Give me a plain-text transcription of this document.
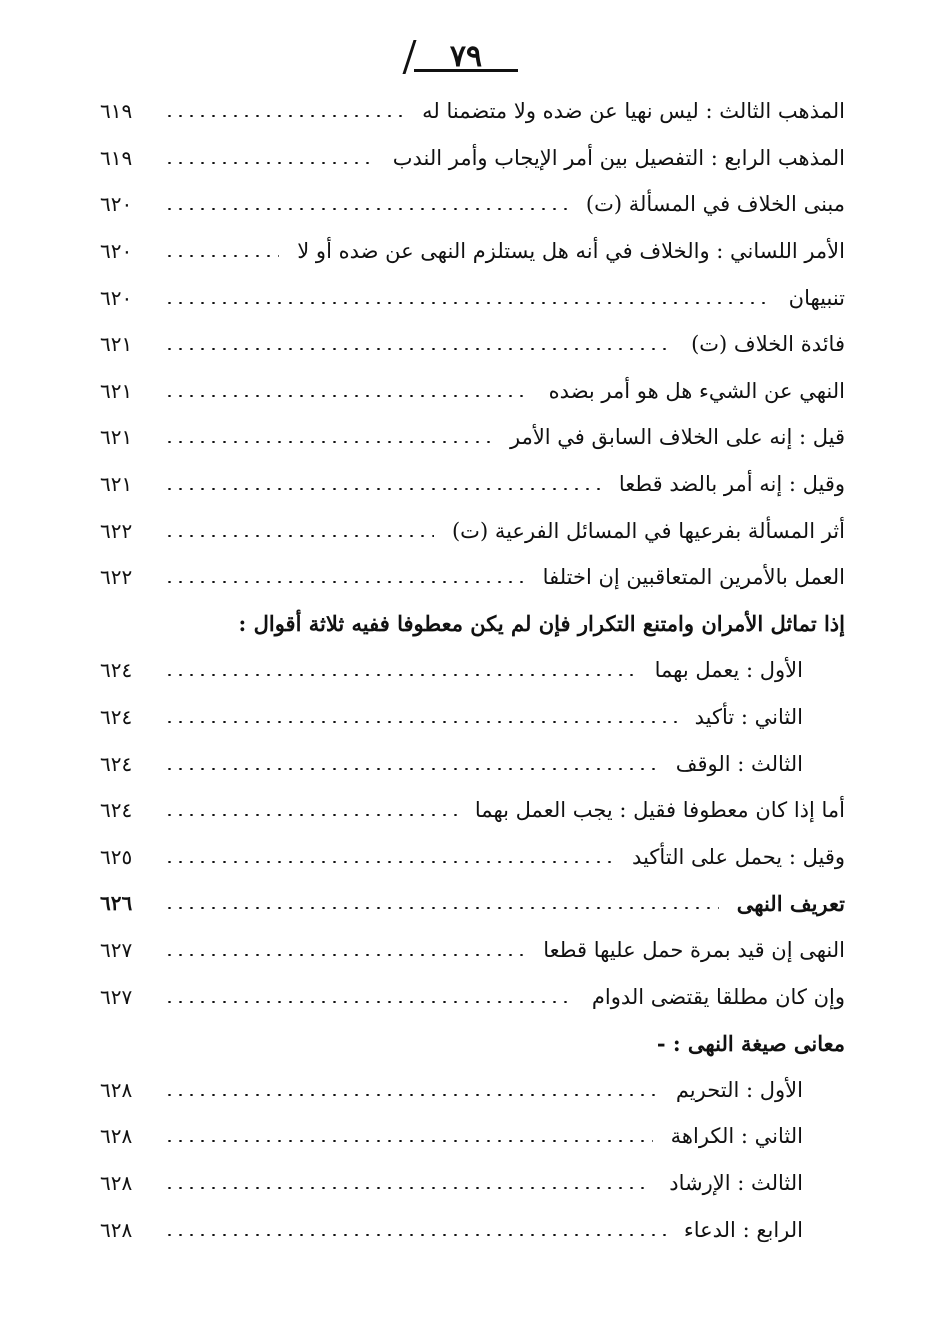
٧٩
المذهب الثالث : ليس نهيا عن ضده ولا متضمنا له
٦١٩
المذهب الرابع : التفصيل بين أمر الإيجاب وأمر الندب
٦١٩
مبنى الخلاف في المسألة (ت)
٦٢٠
الأمر اللساني : والخلاف في أنه هل يستلزم النهى عن ضده أو لا
٦٢٠
تنبيهان
٦٢٠
فائدة الخلاف (ت)
٦٢١
النهي عن الشيء هل هو أمر بضده
٦٢١
قيل : إنه على الخلاف السابق في الأمر
٦٢١
وقيل : إنه أمر بالضد قطعا
٦٢١
أثر المسألة بفرعيها في المسائل الفرعية (ت)
٦٢٢
العمل بالأمرين المتعاقبين إن اختلفا
٦٢٢
إذا تماثل الأمران وامتنع التكرار فإن لم يكن معطوفا ففيه ثلاثة أقوال :
الأول : يعمل بهما
٦٢٤
الثاني : تأكيد
٦٢٤
الثالث : الوقف
٦٢٤
أما إذا كان معطوفا فقيل : يجب العمل بهما
٦٢٤
وقيل : يحمل على التأكيد
٦٢٥
تعريف النهى
٦٢٦
النهى إن قيد بمرة حمل عليها قطعا
٦٢٧
وإن كان مطلقا يقتضى الدوام
٦٢٧
معانى صيغة النهى : -
الأول : التحريم
٦٢٨
الثاني : الكراهة
٦٢٨
الثالث : الإرشاد
٦٢٨
الرابع : الدعاء
٦٢٨
